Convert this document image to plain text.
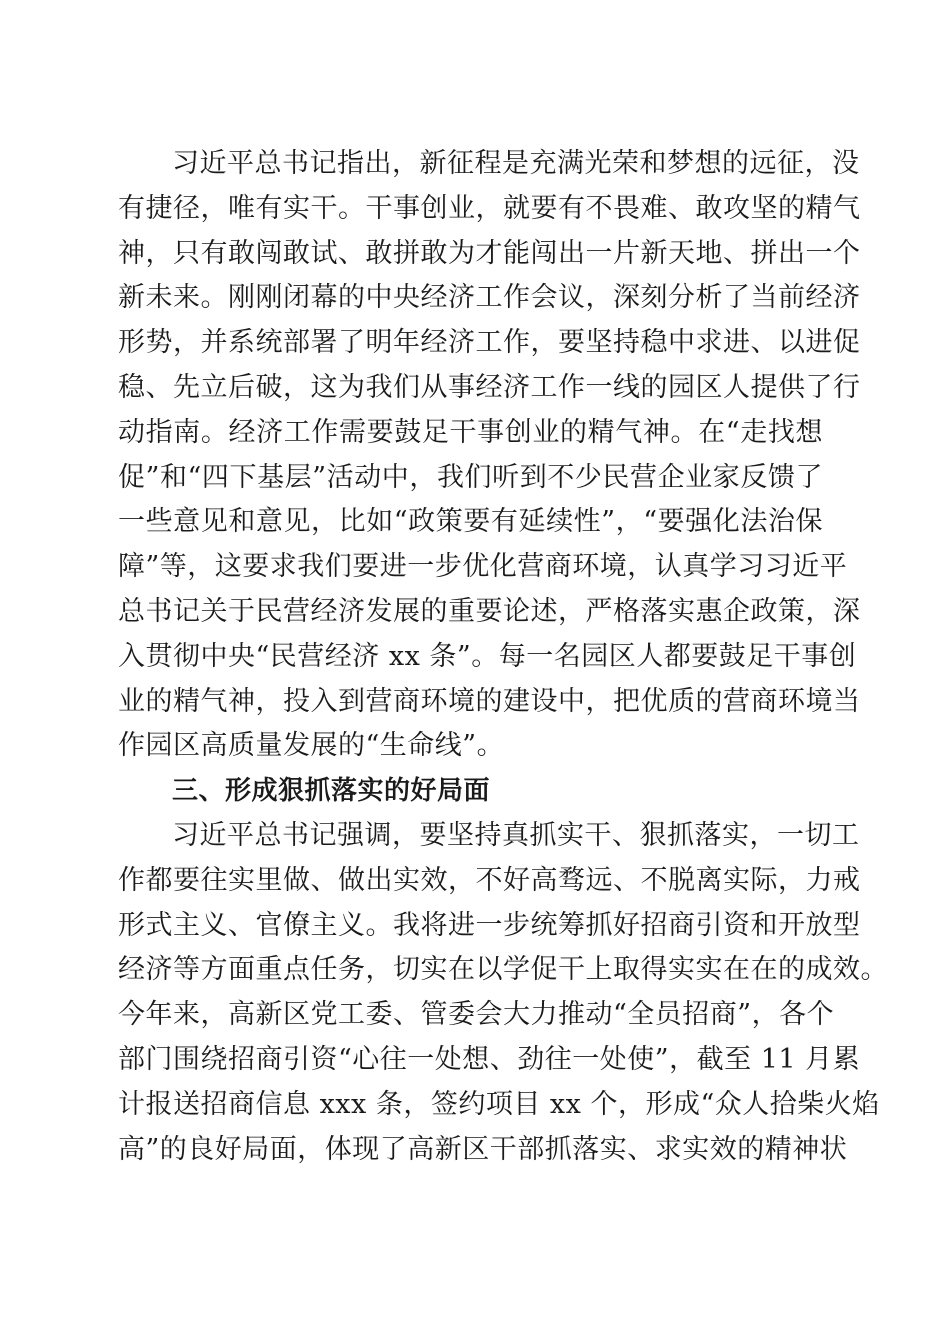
习近平总书记指出，新征程是充满光荣和梦想的远征，没
有捷径，唯有实干。干事创业，就要有不畏难、敢攻坚的精气
神，只有敢闯敢试、敢拼敢为才能闯出一片新天地、拼出一个
新未来。刚刚闭幕的中央经济工作会议，深刻分析了当前经济
形势，并系统部署了明年经济工作，要坚持稳中求进、以进促
稳、先立后破，这为我们从事经济工作一线的园区人提供了行
动指南。经济工作需要鼓足干事创业的精气神。在“走找想
促”和“四下基层”活动中，我们听到不少民营企业家反馈了
一些意见和意见，比如“政策要有延续性”，“要强化法治保
障”等，这要求我们要进一步优化营商环境，认真学习习近平
总书记关于民营经济发展的重要论述，严格落实惠企政策，深
入贯彻中央“民营经济 xx 条”。每一名园区人都要鼓足干事创
业的精气神，投入到营商环境的建设中，把优质的营商环境当
作园区高质量发展的“生命线”。
三、形成狠抓落实的好局面
习近平总书记强调，要坚持真抓实干、狠抓落实，一切工
作都要往实里做、做出实效，不好高骛远、不脱离实际，力戒
形式主义、官僚主义。我将进一步统筹抓好招商引资和开放型
经济等方面重点任务，切实在以学促干上取得实实在在的成效。
今年来，高新区党工委、管委会大力推动“全员招商”，各个
部门围绕招商引资“心往一处想、劲往一处使”，截至 11 月累
计报送招商信息 xxx 条，签约项目 xx 个，形成“众人拾柴火焰
高”的良好局面，体现了高新区干部抓落实、求实效的精神状
